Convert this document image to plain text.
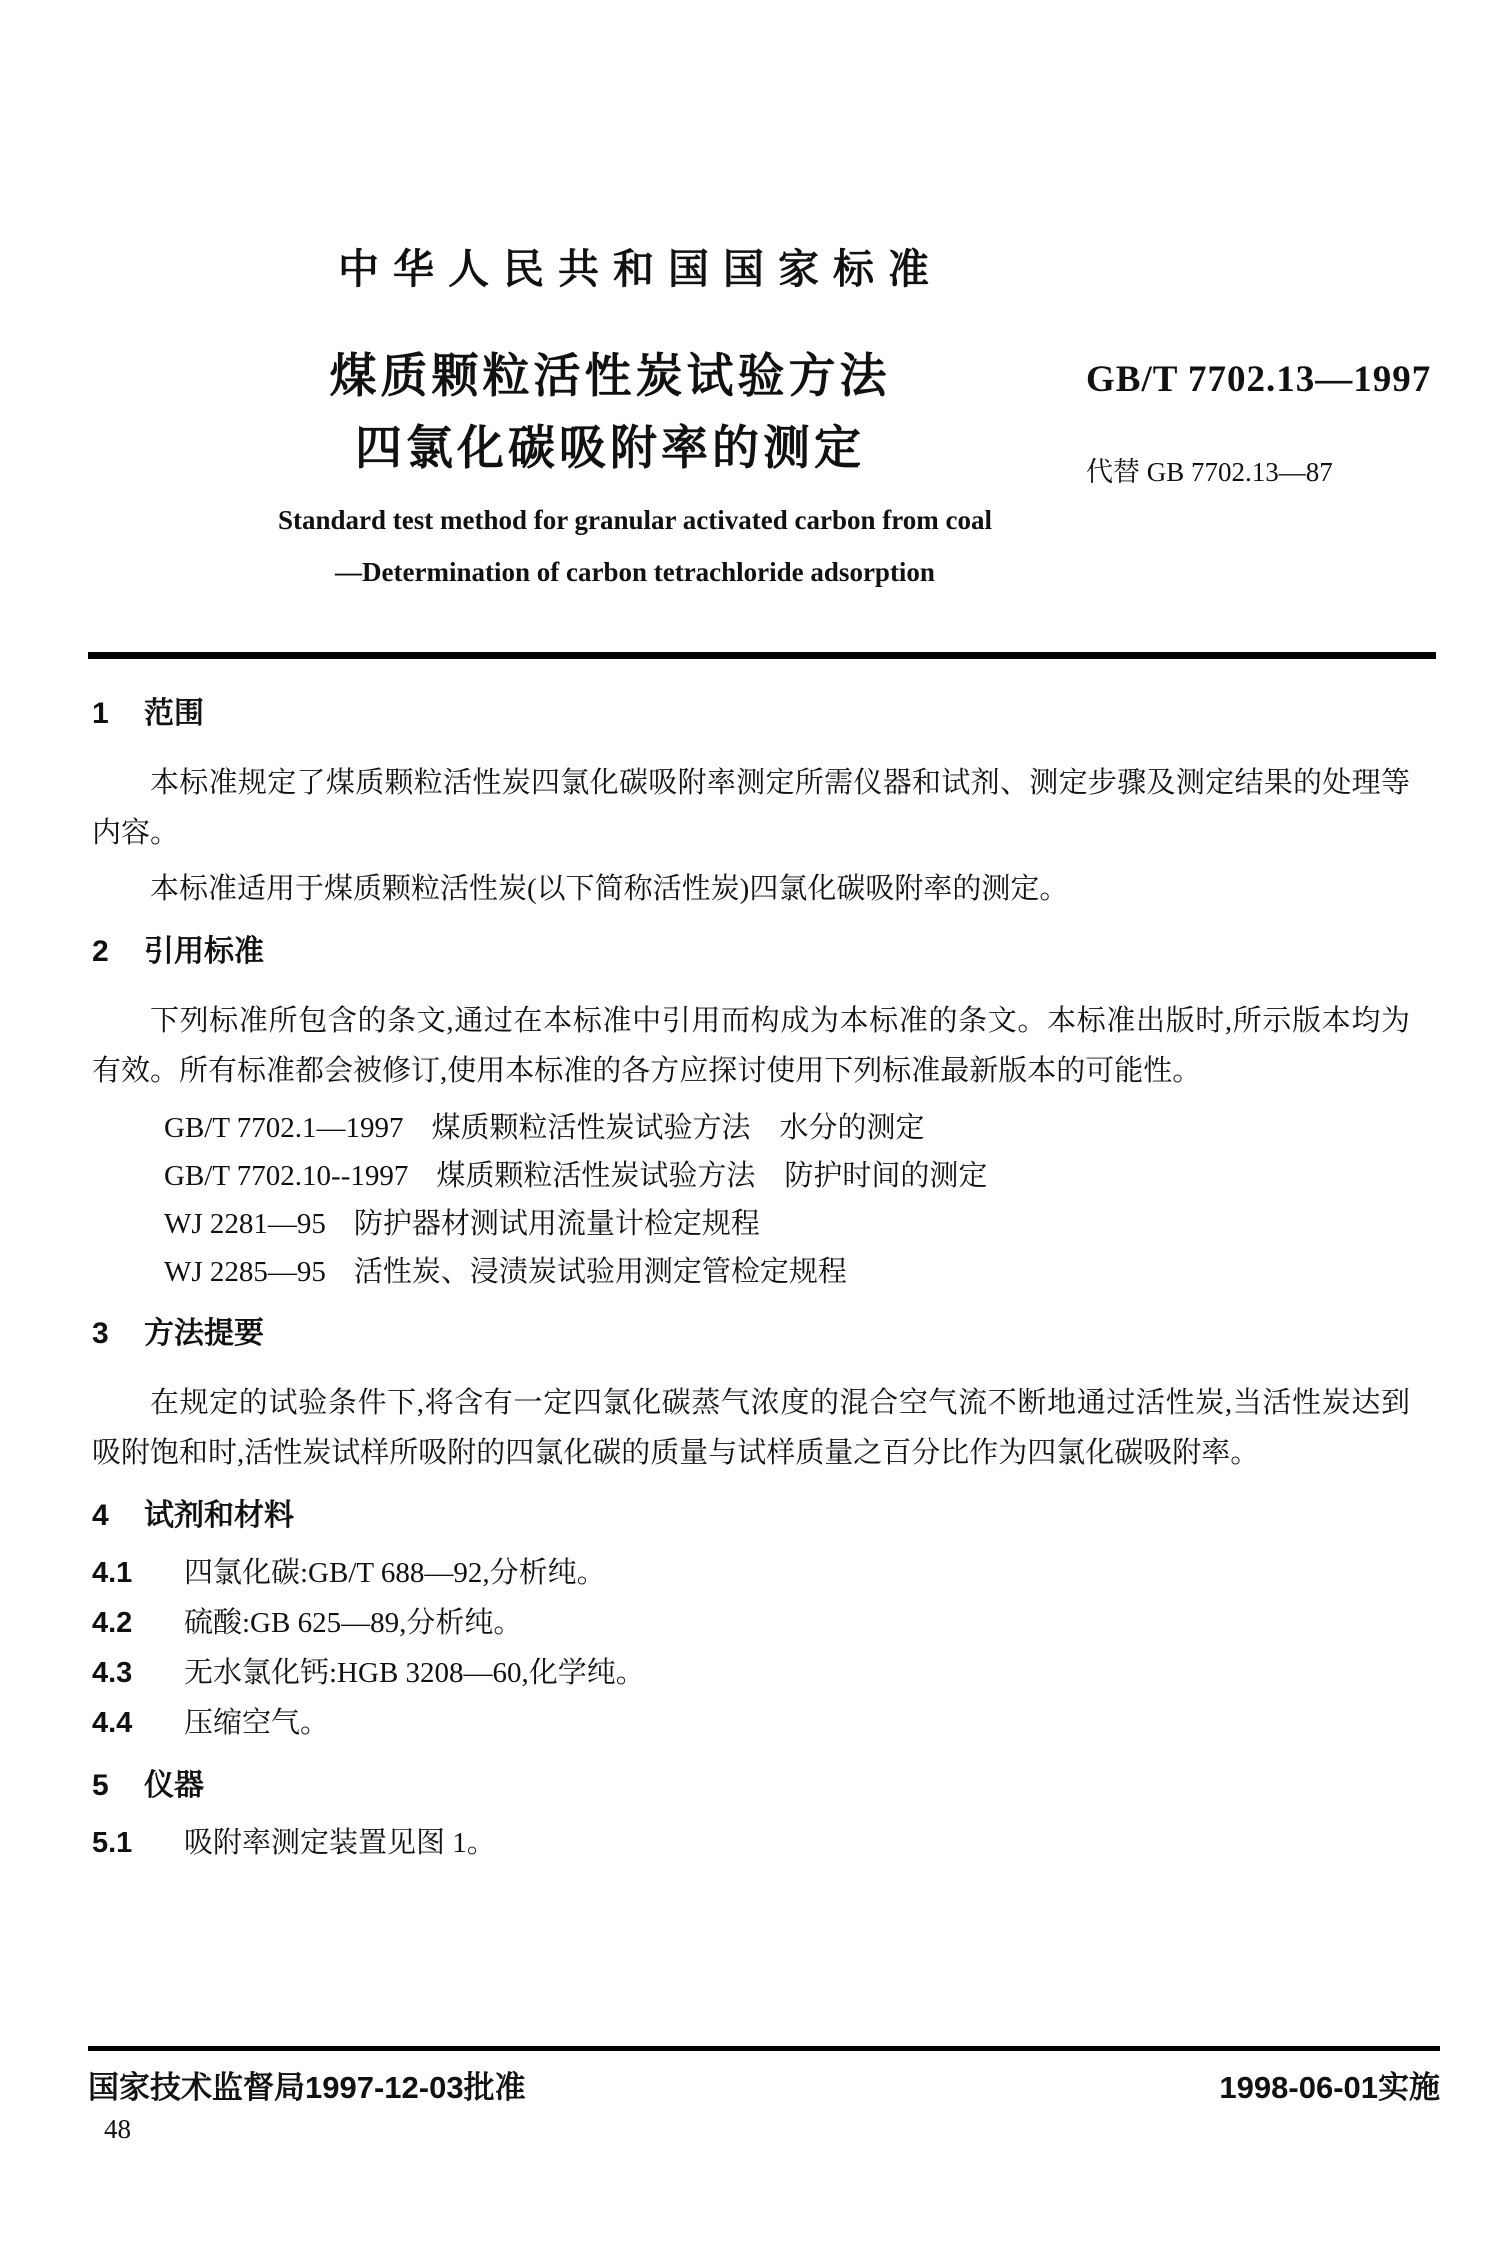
中华人民共和国国家标准
煤质颗粒活性炭试验方法
四氯化碳吸附率的测定
GB/T 7702.13—1997
代替 GB 7702.13—87
Standard test method for granular activated carbon from coal
—Determination of carbon tetrachloride adsorption
1 范围

本标准规定了煤质颗粒活性炭四氯化碳吸附率测定所需仪器和试剂、测定步骤及测定结果的处理等内容。

本标准适用于煤质颗粒活性炭(以下简称活性炭)四氯化碳吸附率的测定。

2 引用标准

下列标准所包含的条文,通过在本标准中引用而构成为本标准的条文。本标准出版时,所示版本均为有效。所有标准都会被修订,使用本标准的各方应探讨使用下列标准最新版本的可能性。

GB/T 7702.1—1997 煤质颗粒活性炭试验方法　水分的测定
GB/T 7702.10--1997 煤质颗粒活性炭试验方法　防护时间的测定
WJ 2281—95 防护器材测试用流量计检定规程
WJ 2285—95 活性炭、浸渍炭试验用测定管检定规程
3 方法提要

在规定的试验条件下,将含有一定四氯化碳蒸气浓度的混合空气流不断地通过活性炭,当活性炭达到吸附饱和时,活性炭试样所吸附的四氯化碳的质量与试样质量之百分比作为四氯化碳吸附率。

4 试剂和材料
4.1 四氯化碳:GB/T 688—92,分析纯。
4.2 硫酸:GB 625—89,分析纯。
4.3 无水氯化钙:HGB 3208—60,化学纯。
4.4 压缩空气。
5 仪器
5.1 吸附率测定装置见图 1。
国家技术监督局1997-12-03批准	1998-06-01实施
48
